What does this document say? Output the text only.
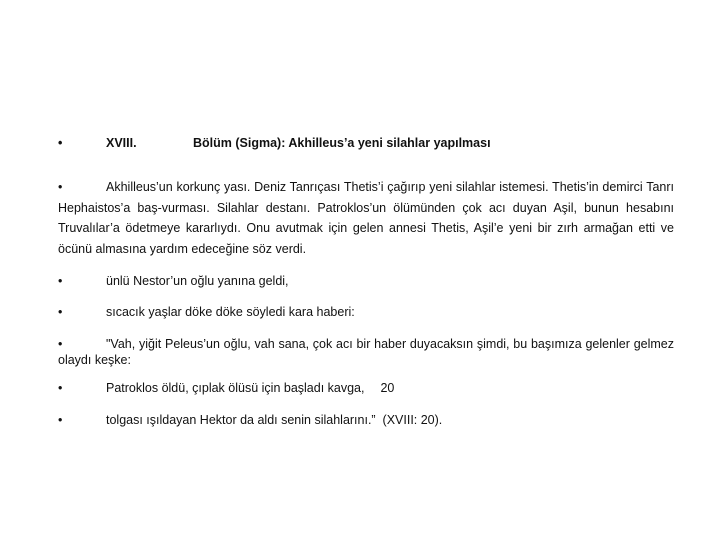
•	XVIII.	Bölüm (Sigma): Akhilleus’a yeni silahlar yapılması
•	Akhilleus’un korkunç yası. Deniz Tanrıçası Thetis’i çağırıp yeni silahlar istemesi. Thetis’in demirci Tanrı Hephaistos’a baş-vurması. Silahlar destanı. Patroklos’un ölümünden çok acı duyan Aşil, bunun hesabını Truvalılar’a ödetmeye kararlıydı. Onu avutmak için gelen annesi Thetis, Aşil’e yeni bir zırh armağan etti ve öcünü almasına yardım edeceğine söz verdi.
•	ünlü Nestor’un oğlu yanına geldi,
•	sıcacık yaşlar döke döke söyledi kara haberi:
•	"Vah, yiğit Peleus’un oğlu, vah sana, çok acı bir haber duyacaksın şimdi, bu başımıza gelenler gelmez olaydı keşke:
•	Patroklos öldü, çıplak ölüsü için başladı kavga, 20
•	tolgası ışıldayan Hektor da aldı senin silahlarını.”  (XVIII: 20).
